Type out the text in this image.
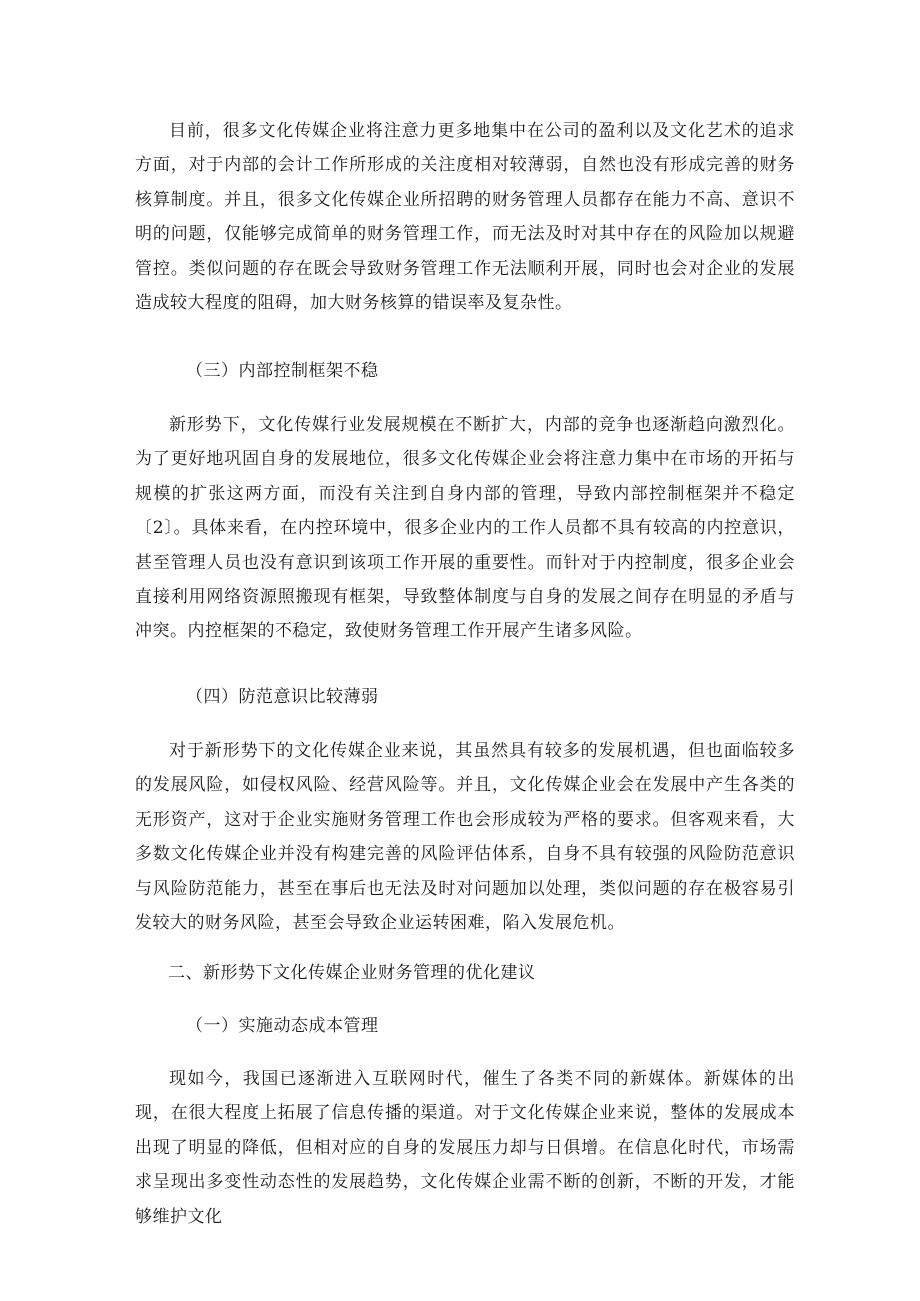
目前，很多文化传媒企业将注意力更多地集中在公司的盈利以及文化艺术的追求方面，对于内部的会计工作所形成的关注度相对较薄弱，自然也没有形成完善的财务核算制度。并且，很多文化传媒企业所招聘的财务管理人员都存在能力不高、意识不明的问题，仅能够完成简单的财务管理工作，而无法及时对其中存在的风险加以规避管控。类似问题的存在既会导致财务管理工作无法顺利开展，同时也会对企业的发展造成较大程度的阻碍，加大财务核算的错误率及复杂性。

（三）内部控制框架不稳

新形势下，文化传媒行业发展规模在不断扩大，内部的竞争也逐渐趋向激烈化。为了更好地巩固自身的发展地位，很多文化传媒企业会将注意力集中在市场的开拓与规模的扩张这两方面，而没有关注到自身内部的管理，导致内部控制框架并不稳定〔2〕。具体来看，在内控环境中，很多企业内的工作人员都不具有较高的内控意识，甚至管理人员也没有意识到该项工作开展的重要性。而针对于内控制度，很多企业会直接利用网络资源照搬现有框架，导致整体制度与自身的发展之间存在明显的矛盾与冲突。内控框架的不稳定，致使财务管理工作开展产生诸多风险。

（四）防范意识比较薄弱

对于新形势下的文化传媒企业来说，其虽然具有较多的发展机遇，但也面临较多的发展风险，如侵权风险、经营风险等。并且，文化传媒企业会在发展中产生各类的无形资产，这对于企业实施财务管理工作也会形成较为严格的要求。但客观来看，大多数文化传媒企业并没有构建完善的风险评估体系，自身不具有较强的风险防范意识与风险防范能力，甚至在事后也无法及时对问题加以处理，类似问题的存在极容易引发较大的财务风险，甚至会导致企业运转困难，陷入发展危机。

二、新形势下文化传媒企业财务管理的优化建议
（一）实施动态成本管理

现如今，我国已逐渐进入互联网时代，催生了各类不同的新媒体。新媒体的出现，在很大程度上拓展了信息传播的渠道。对于文化传媒企业来说，整体的发展成本出现了明显的降低，但相对应的自身的发展压力却与日俱增。在信息化时代，市场需求呈现出多变性动态性的发展趋势，文化传媒企业需不断的创新，不断的开发，才能够维护文化
